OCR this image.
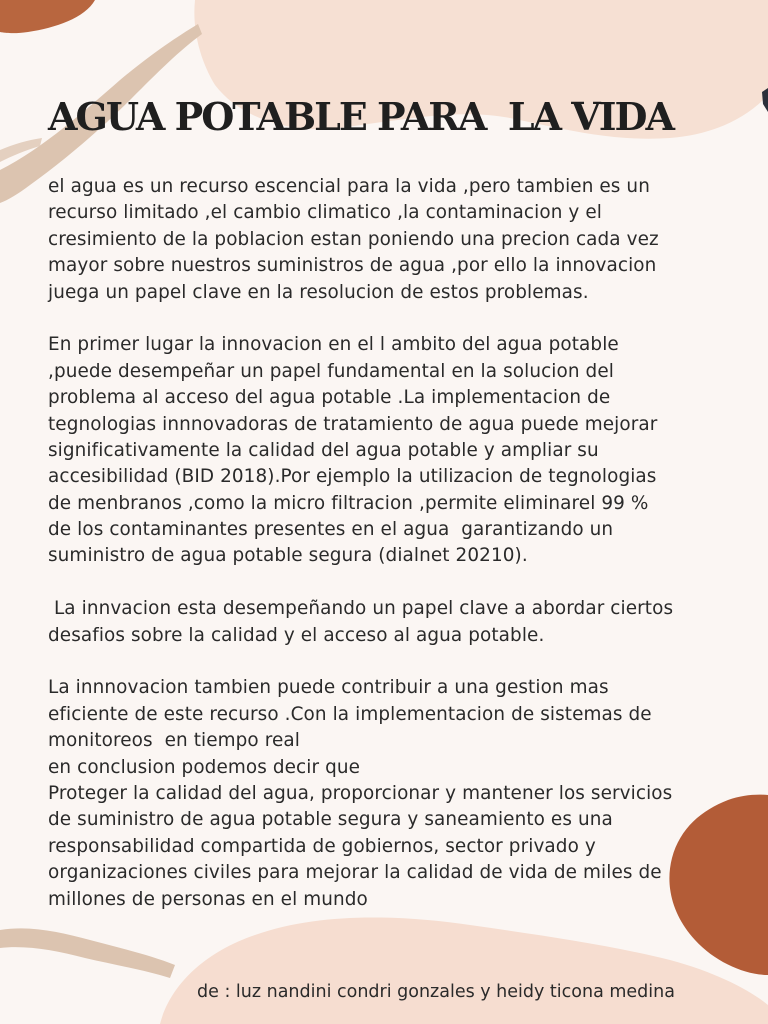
AGUA POTABLE PARA  LA VIDA
el agua es un recurso escencial para la vida ,pero tambien es un
recurso limitado ,el cambio climatico ,la contaminacion y el
cresimiento de la poblacion estan poniendo una precion cada vez
mayor sobre nuestros suministros de agua ,por ello la innovacion
juega un papel clave en la resolucion de estos problemas.
En primer lugar la innovacion en el l ambito del agua potable
,puede desempeñar un papel fundamental en la solucion del
problema al acceso del agua potable .La implementacion de
tegnologias innnovadoras de tratamiento de agua puede mejorar
significativamente la calidad del agua potable y ampliar su
accesibilidad (BID 2018).Por ejemplo la utilizacion de tegnologias
de menbranos ,como la micro filtracion ,permite eliminarel 99 %
de los contaminantes presentes en el agua  garantizando un
suministro de agua potable segura (dialnet 20210).
La innvacion esta desempeñando un papel clave a abordar ciertos
desafios sobre la calidad y el acceso al agua potable.
La innnovacion tambien puede contribuir a una gestion mas
eficiente de este recurso .Con la implementacion de sistemas de
monitoreos  en tiempo real
en conclusion podemos decir que
Proteger la calidad del agua, proporcionar y mantener los servicios
de suministro de agua potable segura y saneamiento es una
responsabilidad compartida de gobiernos, sector privado y
organizaciones civiles para mejorar la calidad de vida de miles de
millones de personas en el mundo
de : luz nandini condri gonzales y heidy ticona medina
